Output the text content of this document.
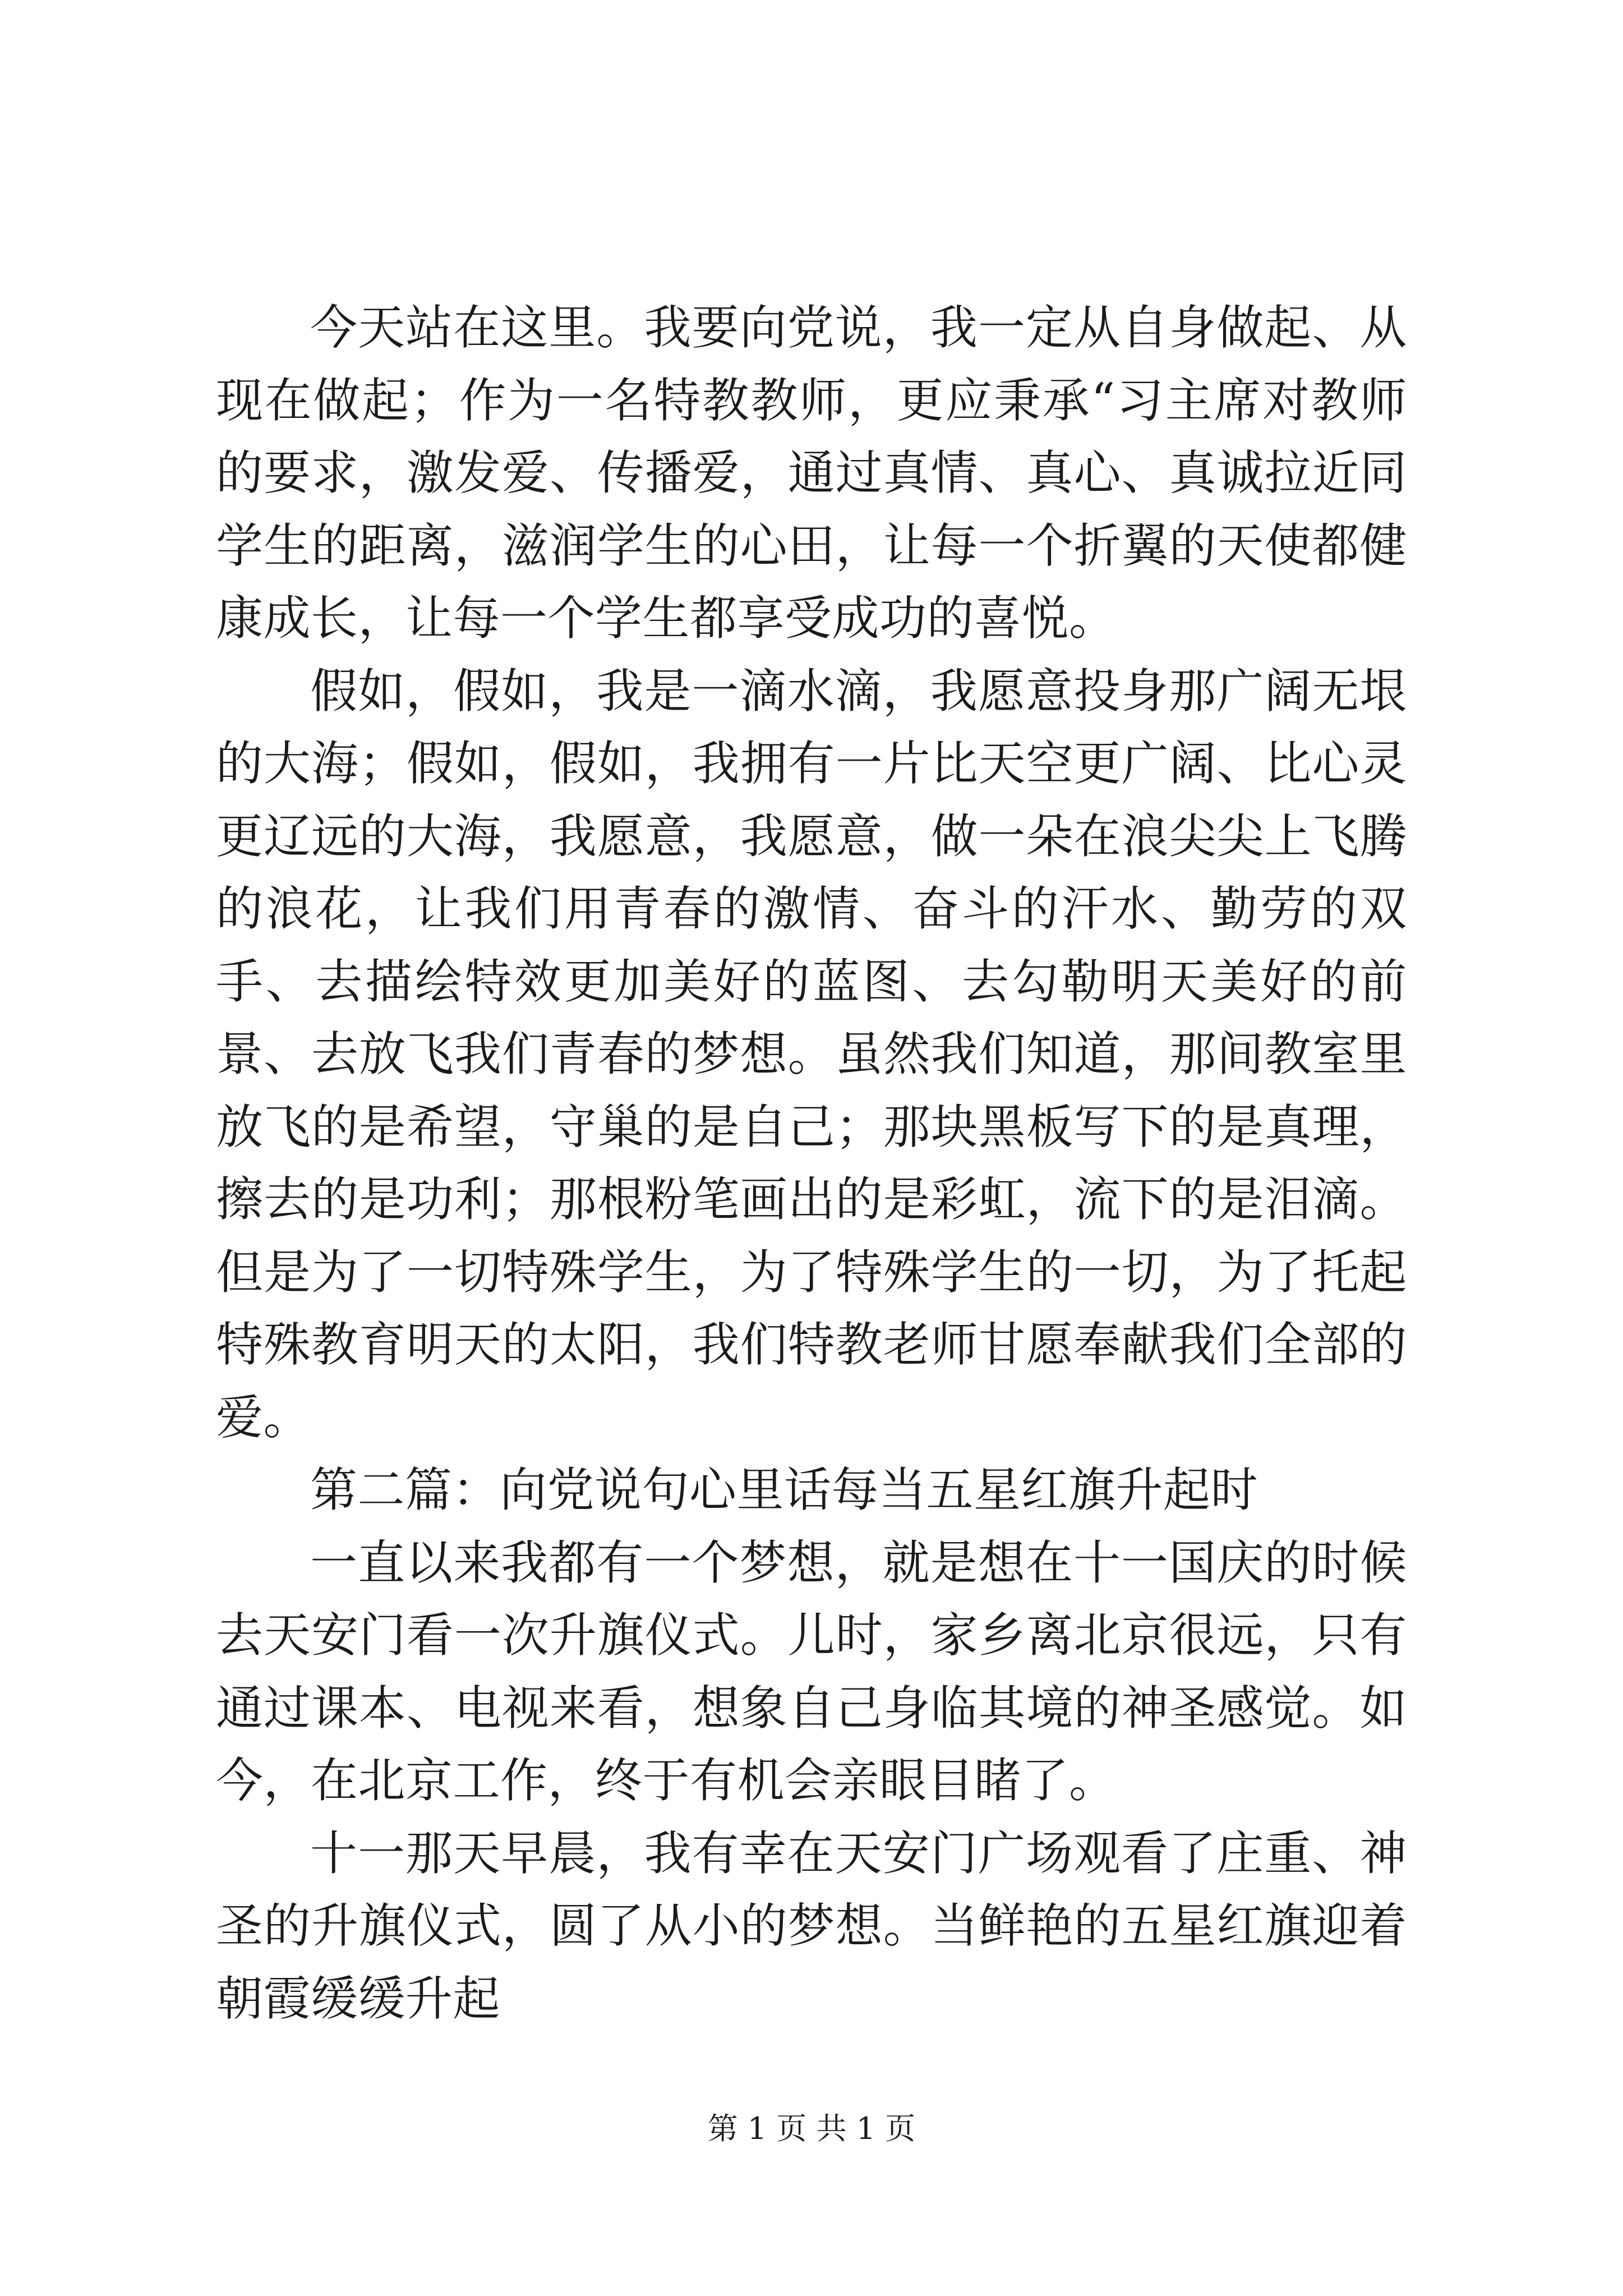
今天站在这里。我要向党说，我一定从自身做起、从现在做起；作为一名特教教师，更应秉承“习主席对教师的要求，激发爱、传播爱，通过真情、真心、真诚拉近同学生的距离，滋润学生的心田，让每一个折翼的天使都健康成长，让每一个学生都享受成功的喜悦。

假如，假如，我是一滴水滴，我愿意投身那广阔无垠的大海；假如，假如，我拥有一片比天空更广阔、比心灵更辽远的大海，我愿意，我愿意，做一朵在浪尖尖上飞腾的浪花，让我们用青春的激情、奋斗的汗水、勤劳的双手、去描绘特效更加美好的蓝图、去勾勒明天美好的前景、去放飞我们青春的梦想。虽然我们知道，那间教室里放飞的是希望，守巢的是自己；那块黑板写下的是真理，擦去的是功利；那根粉笔画出的是彩虹，流下的是泪滴。但是为了一切特殊学生，为了特殊学生的一切，为了托起特殊教育明天的太阳，我们特教老师甘愿奉献我们全部的爱。

第二篇：向党说句心里话每当五星红旗升起时

一直以来我都有一个梦想，就是想在十一国庆的时候去天安门看一次升旗仪式。儿时，家乡离北京很远，只有通过课本、电视来看，想象自己身临其境的神圣感觉。如今，在北京工作，终于有机会亲眼目睹了。

十一那天早晨，我有幸在天安门广场观看了庄重、神圣的升旗仪式，圆了从小的梦想。当鲜艳的五星红旗迎着朝霞缓缓升起

第 1 页 共 1 页
